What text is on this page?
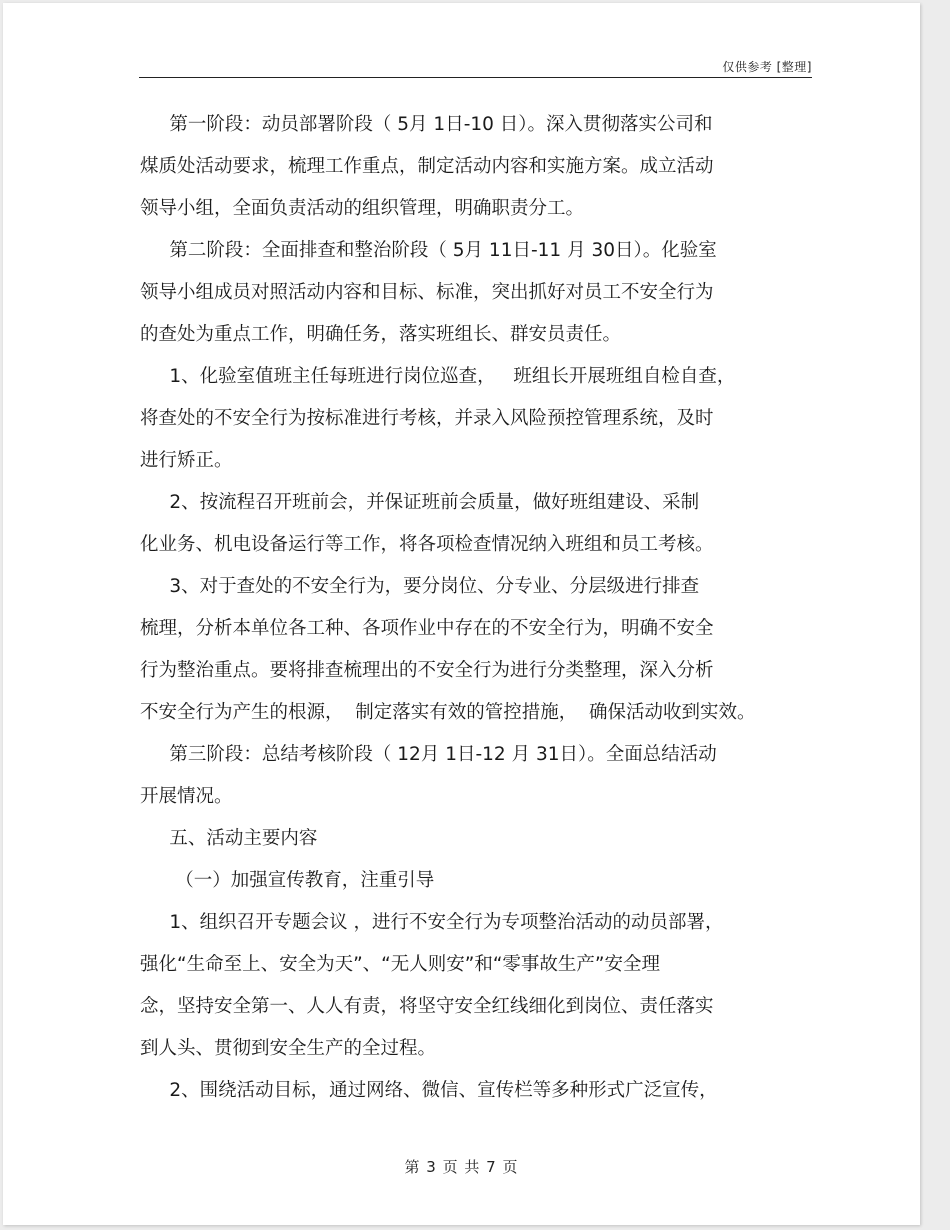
仅供参考 [整理]
第一阶段：动员部署阶段（ 5月 1日-10 日）。深入贯彻落实公司和
煤质处活动要求，梳理工作重点，制定活动内容和实施方案。成立活动
领导小组，全面负责活动的组织管理，明确职责分工。
第二阶段：全面排查和整治阶段（ 5月 11日-11 月 30日）。化验室
领导小组成员对照活动内容和目标、标准，突出抓好对员工不安全行为
的查处为重点工作，明确任务，落实班组长、群安员责任。
1、化验室值班主任每班进行岗位巡查，   班组长开展班组自检自查，
将查处的不安全行为按标准进行考核，并录入风险预控管理系统，及时
进行矫正。
2、按流程召开班前会，并保证班前会质量，做好班组建设、采制
化业务、机电设备运行等工作，将各项检查情况纳入班组和员工考核。
3、对于查处的不安全行为，要分岗位、分专业、分层级进行排查
梳理，分析本单位各工种、各项作业中存在的不安全行为，明确不安全
行为整治重点。要将排查梳理出的不安全行为进行分类整理，深入分析
不安全行为产生的根源，  制定落实有效的管控措施，  确保活动收到实效。
第三阶段：总结考核阶段（ 12月 1日-12 月 31日）。全面总结活动
开展情况。
五、活动主要内容
（一）加强宣传教育，注重引导
1、组织召开专题会议 ，进行不安全行为专项整治活动的动员部署，
强化“生命至上、安全为天”、“无人则安”和“零事故生产”安全理
念，坚持安全第一、人人有责，将坚守安全红线细化到岗位、责任落实
到人头、贯彻到安全生产的全过程。
2、围绕活动目标，通过网络、微信、宣传栏等多种形式广泛宣传，
第 3 页 共 7 页
